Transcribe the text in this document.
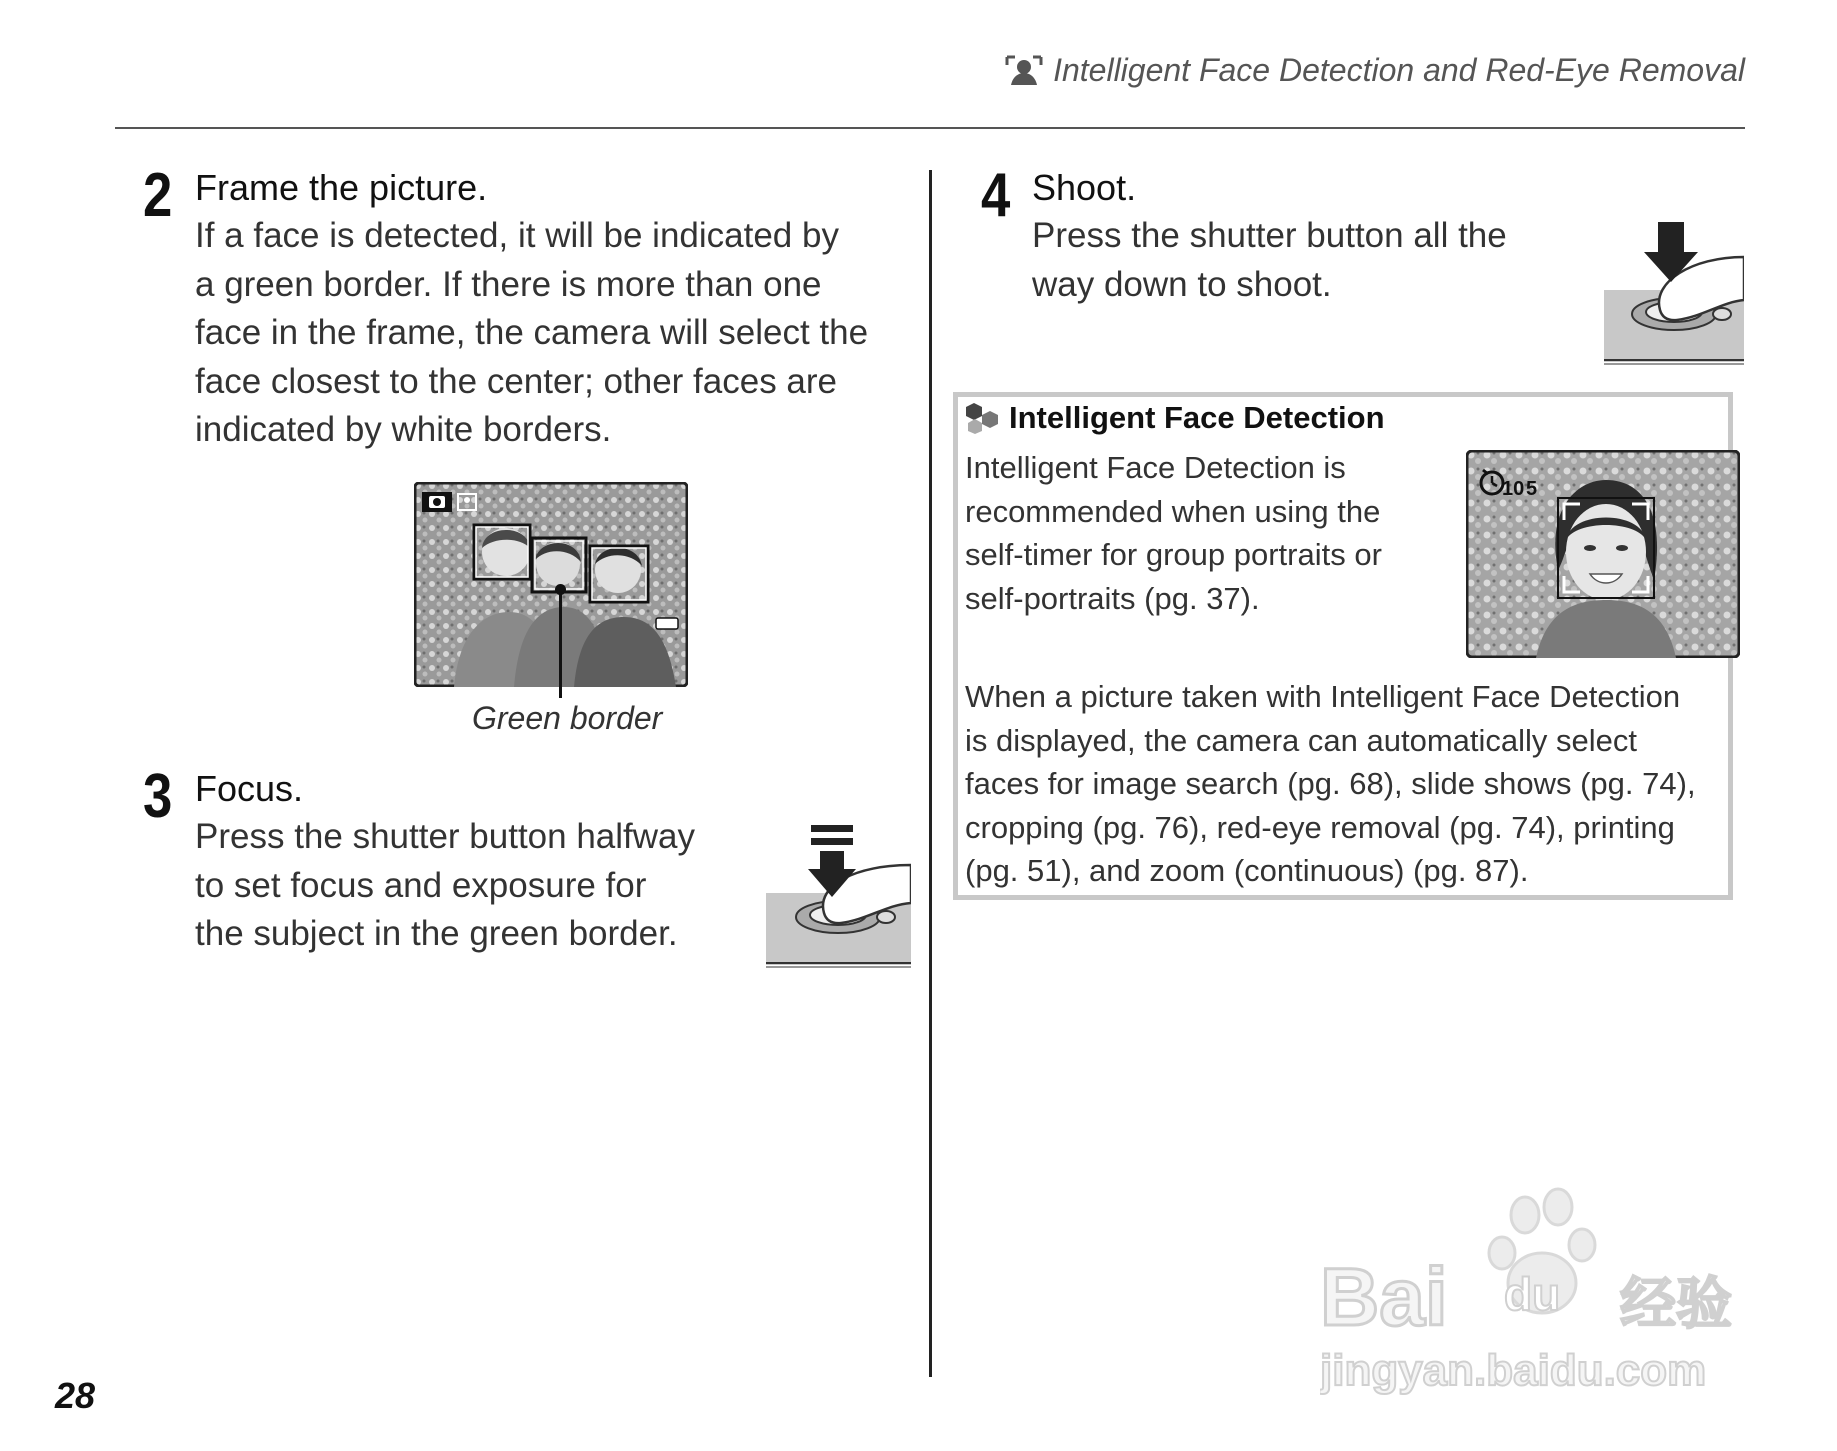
Intelligent Face Detection and Red-Eye Removal
2 Frame the picture.
If a face is detected, it will be indicated by
a green border. If there is more than one
face in the frame, the camera will select the
face closest to the center; other faces are
indicated by white borders.
Green border
3 Focus.
Press the shutter button halfway
to set focus and exposure for
the subject in the green border.
4 Shoot.
Press the shutter button all the
way down to shoot.
Intelligent Face Detection
Intelligent Face Detection is
recommended when using the
self-timer for group portraits or
self-portraits (pg. 37).
10 5
When a picture taken with Intelligent Face Detection
is displayed, the camera can automatically select
faces for image search (pg. 68), slide shows (pg. 74),
cropping (pg. 76), red-eye removal (pg. 74), printing
(pg. 51), and zoom (continuous) (pg. 87).
28
Bai du 经验
jingyan.baidu.com
